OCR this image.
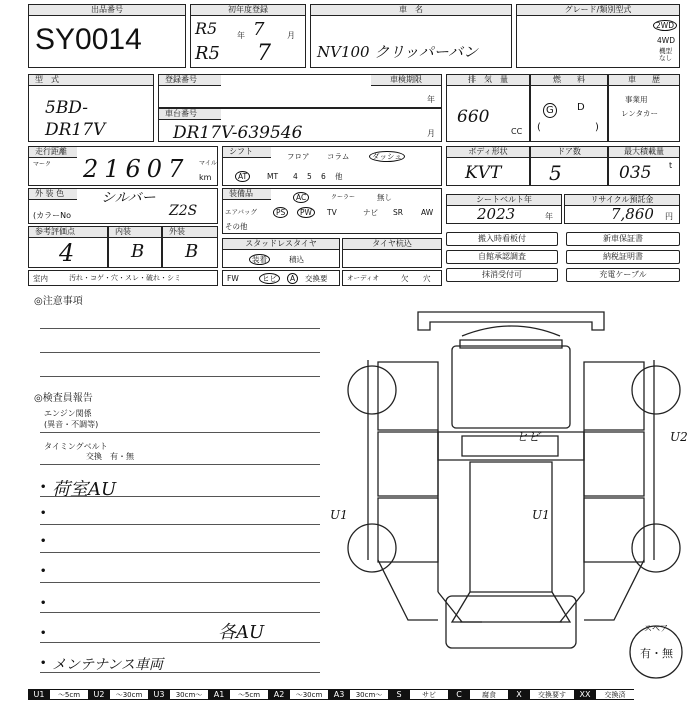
出品番号
SY0014
初年度登録
R5 年 7	月
R5 7
車　名
NV100 クリッパーバン
グレード/類別型式
2WD
4WD
機型なし
型　式
5BD-DR17V
登録番号	車検期限
年
車台番号
DR17V-639546	月
排　気　量
660
CC
燃　　料
G	D
(	)
車　　歴
事業用
レンタカー
走行距離
マーク 21607 マイル
km
シフト
フロア コラム	ダッシュ
AT	MT 4 5 6 他
ボディ形状
KVT
ドア数
5
最大積載量
035 t
外 装 色	シルバー
(カラーNo	Z2S
装備品	AC	クーラー	無し
エアバッグ	PS	PW	TV	ナビ SR AW
その他
シートベルト年
2023	年
リサイクル預託金
7,860 円
参考評価点
4
内装
B
外装
B	スタッドレスタイヤ
装着	積込
タイヤ杭込
搬入時看板付	新車保証書
自館承認調査	納税証明書
抹消受付可	充電ケーブル
室内	汚れ・コゲ・穴・スレ・破れ・シミ	FW	ヒビ	A	交換要	オーディオ	欠 穴
◎注意事項
◎検査員報告
エンジン関係
(異音・不調等)
タイミングベルト
交換　有・無
• 荷室AU
•
•
•
•
•	各AU
• メンテナンス車両
U2
U1	U1
ヒビ
スペア
有・無
U1	〜5cm	U2	〜30cm	U3	30cm〜	A1	〜5cm	A2	〜30cm	A3	30cm〜	S	サビ	C	腐食	X	交換要す	XX	交換済
